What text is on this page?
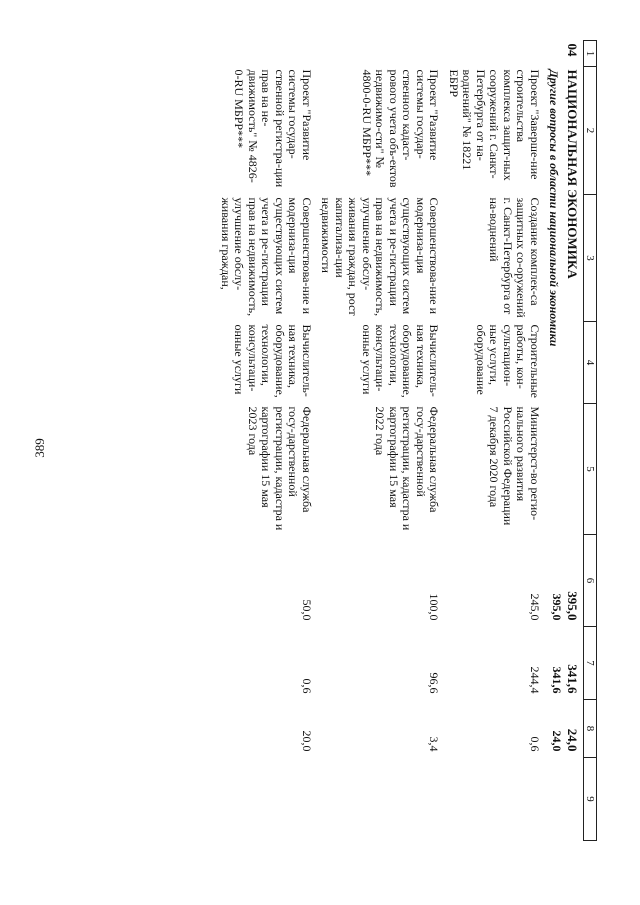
389
1	2	3	4	5	6	7	8	9
04	НАЦИОНАЛЬНАЯ ЭКОНОМИКА				395,0	341,6	24,0	
	Другие вопросы в области национальной экономики				395,0	341,6	24,0	
	Проект "Заверше-ние строительства комплекса защит-ных сооружений г. Санкт-Петербурга от на-воднений" № 18221 ЕБРР	Создание комплек-са защитных со-оружений г. Санкт-Петербурга от на-воднений	Строительные работы, кон-сультацион-ные услуги, оборудование	Министерст-во регио-нального развития Российской Федерации 7 декабря 2020 года	245,0	244,4	0,6	
	Проект "Развитие системы государ-ственного кадаст-рового учета объ-ектов недвижимо-сти" № 4800-0-RU МБРР***	Совершенствова-ние и модерниза-ция существующих систем учета и ре-гистрации прав на недвижимость, улучшение обслу-живания граждан, рост капитализа-ции недвижимости	Вычислитель-ная техника, оборудование, технологии, консультаци-онные услуги	Федеральная служба госу-дарственной регистрации, кадастра и картографии 15 мая 2022 года	100,0	96,6	3,4	
	Проект "Развитие системы государ-ственной регистра-ции прав на не-движимость" № 4826-0-RU МБРР***	Совершенствова-ние и модерниза-ция существующих систем учета и ре-гистрации прав на недвижимость, улучшение обслу-живания граждан,	Вычислитель-ная техника, оборудование, технологии, консультаци-онные услуги	Федеральная служба госу-дарственной регистрации, кадастра и картографии 15 мая 2023 года	50,0	0,6	20,0	
